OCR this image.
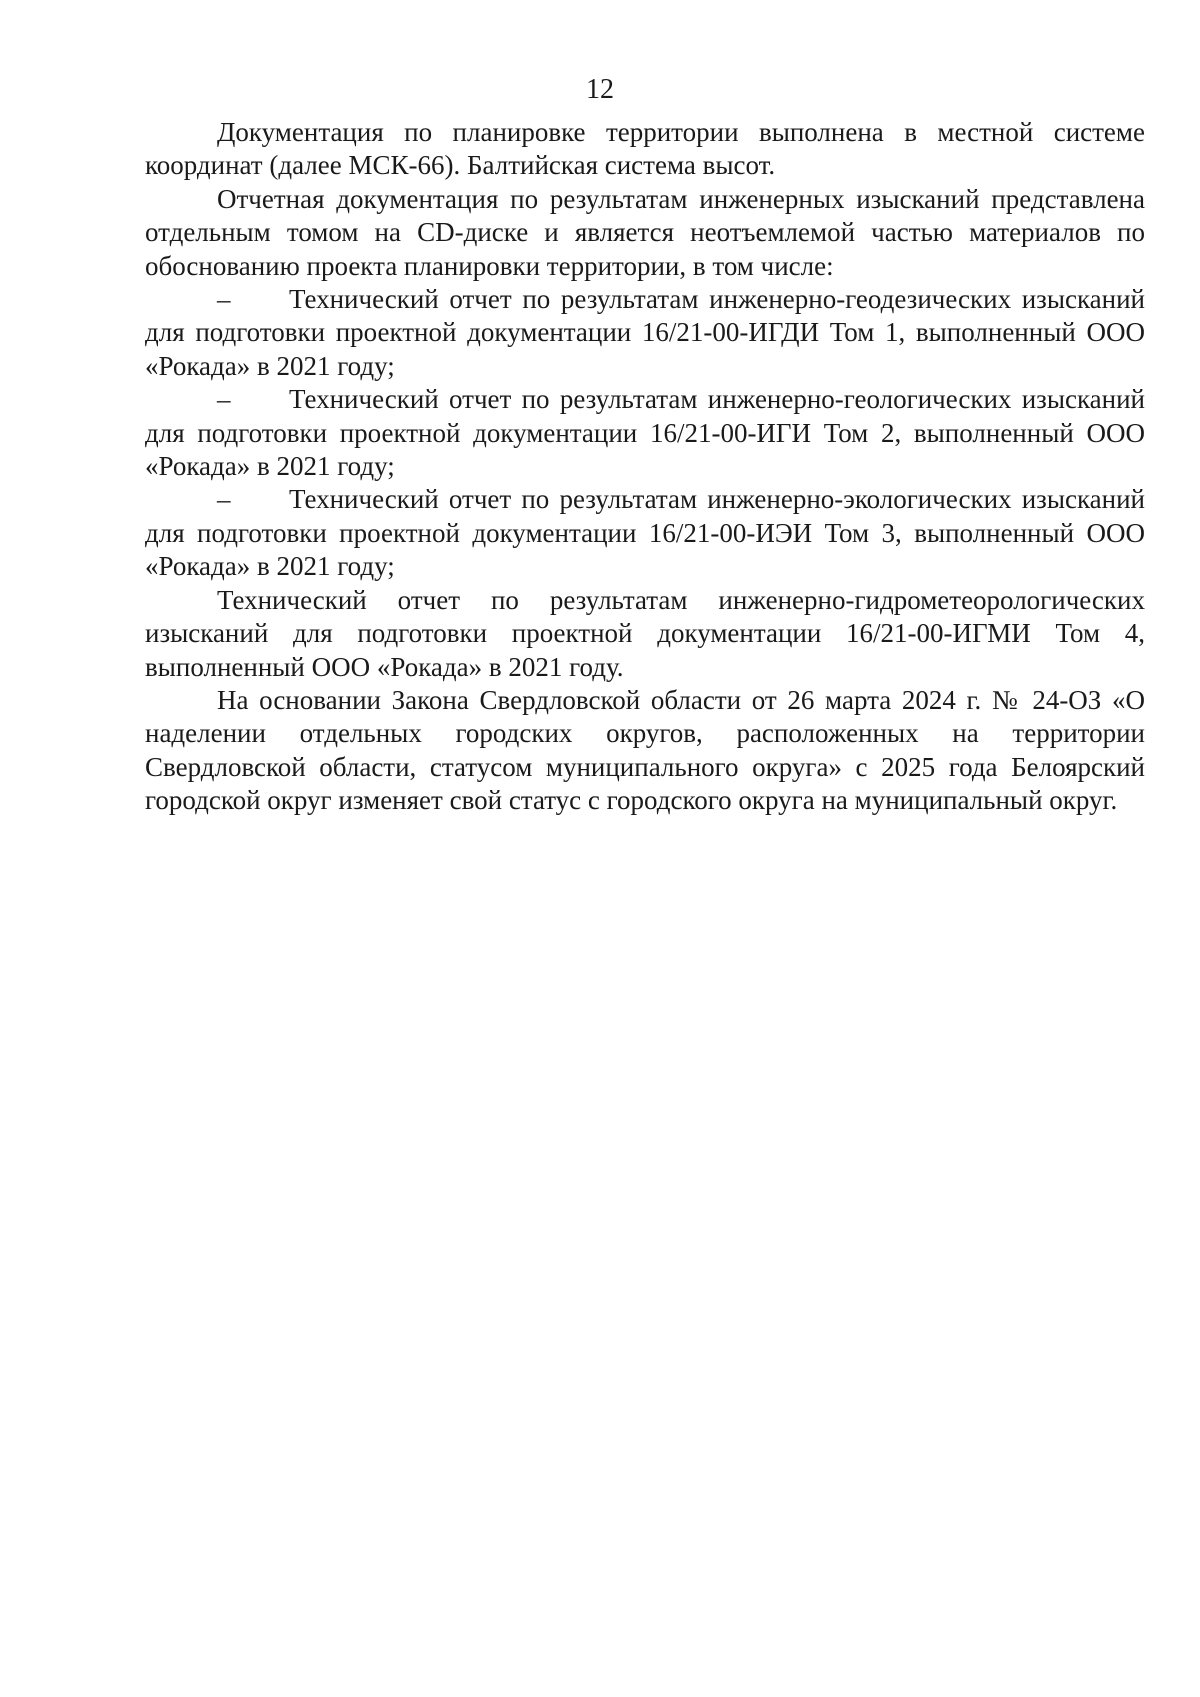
12

Документация по планировке территории выполнена в местной системе координат (далее МСК-66). Балтийская система высот.

Отчетная документация по результатам инженерных изысканий представлена отдельным томом на CD-диске и является неотъемлемой частью материалов по обоснованию проекта планировки территории, в том числе:

– Технический отчет по результатам инженерно-геодезических изысканий для подготовки проектной документации 16/21-00-ИГДИ Том 1, выполненный ООО «Рокада» в 2021 году;

– Технический отчет по результатам инженерно-геологических изысканий для подготовки проектной документации 16/21-00-ИГИ Том 2, выполненный ООО «Рокада» в 2021 году;

– Технический отчет по результатам инженерно-экологических изысканий для подготовки проектной документации 16/21-00-ИЭИ Том 3, выполненный ООО «Рокада» в 2021 году;

Технический отчет по результатам инженерно-гидрометеорологических изысканий для подготовки проектной документации 16/21-00-ИГМИ Том 4, выполненный ООО «Рокада» в 2021 году.

На основании Закона Свердловской области от 26 марта 2024 г. № 24-ОЗ «О наделении отдельных городских округов, расположенных на территории Свердловской области, статусом муниципального округа» с 2025 года Белоярский городской округ изменяет свой статус с городского округа на муниципальный округ.
